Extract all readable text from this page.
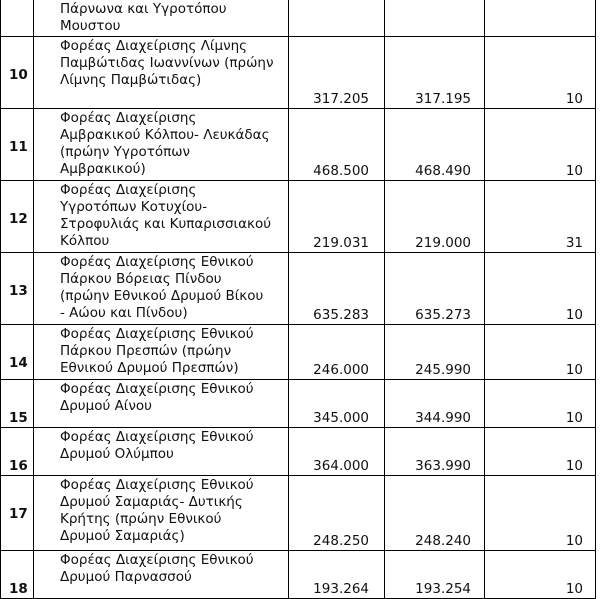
	Πάρνωνα και Υγροτόπου
Μουστου			

10	Φορέας Διαχείρισης Λίμνης
Παμβώτιδας Ιωαννίνων (πρώην
Λίμνης Παμβώτιδας)	317.205	317.195	10
11	Φορέας Διαχείρισης
Αμβρακικού Κόλπου- Λευκάδας
(πρώην Υγροτόπων
Αμβρακικού)	468.500	468.490	10
12	Φορέας Διαχείρισης
Υγροτόπων Κοτυχίου-
Στροφυλιάς και Κυπαρισσιακού
Κόλπου	219.031	219.000	31
13	Φορέας Διαχείρισης Εθνικού
Πάρκου Βόρειας Πίνδου
(πρώην Εθνικού Δρυμού Βίκου
- Αώου και Πίνδου)	635.283	635.273	10
14	Φορέας Διαχείρισης Εθνικού
Πάρκου Πρεσπών (πρώην
Εθνικού Δρυμού Πρεσπών)	246.000	245.990	10
15	Φορέας Διαχείρισης Εθνικού
Δρυμού Αίνου	345.000	344.990	10
16	Φορέας Διαχείρισης Εθνικού
Δρυμού Ολύμπου	364.000	363.990	10
17	Φορέας Διαχείρισης Εθνικού
Δρυμού Σαμαριάς- Δυτικής
Κρήτης (πρώην Εθνικού
Δρυμού Σαμαριάς)	248.250	248.240	10
18	Φορέας Διαχείρισης Εθνικού
Δρυμού Παρνασσού	193.264	193.254	10
